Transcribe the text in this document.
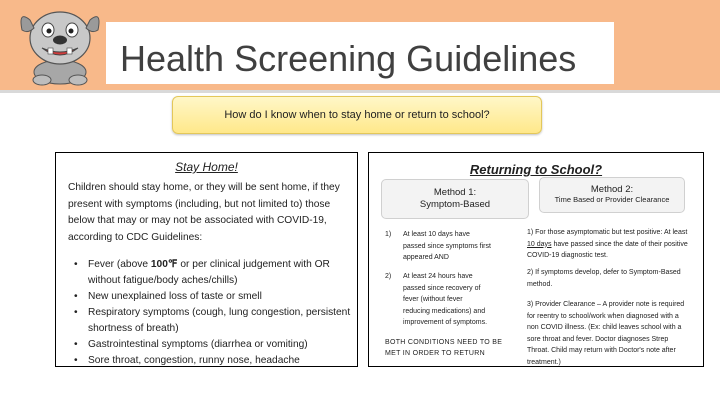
Health Screening Guidelines
How do I know when to stay home or return to school?
Stay Home!
Children should stay home, or they will be sent home, if they present with symptoms (including, but not limited to) those below that may or may not be associated with COVID-19, according to CDC Guidelines:
• Fever (above 100℉ or per clinical judgement with OR without fatigue/body aches/chills)
• New unexplained loss of taste or smell
• Respiratory symptoms (cough, lung congestion, persistent shortness of breath)
• Gastrointestinal symptoms (diarrhea or vomiting)
• Sore throat, congestion, runny nose, headache
Returning to School?
Method 1:
Symptom-Based
Method 2:
Time Based or Provider Clearance
1) At least 10 days have passed since symptoms first appeared AND
2) At least 24 hours have passed since recovery of fever (without fever reducing medications) and improvement of symptoms.
BOTH CONDITIONS NEED TO BE MET IN ORDER TO RETURN
1) For those asymptomatic but test positive: At least 10 days have passed since the date of their positive COVID-19 diagnostic test.
2) If symptoms develop, defer to Symptom-Based method.
3) Provider Clearance – A provider note is required for reentry to school/work when diagnosed with a non COVID illness. (Ex: child leaves school with a sore throat and fever. Doctor diagnoses Strep Throat. Child may return with Doctor's note after treatment.)
